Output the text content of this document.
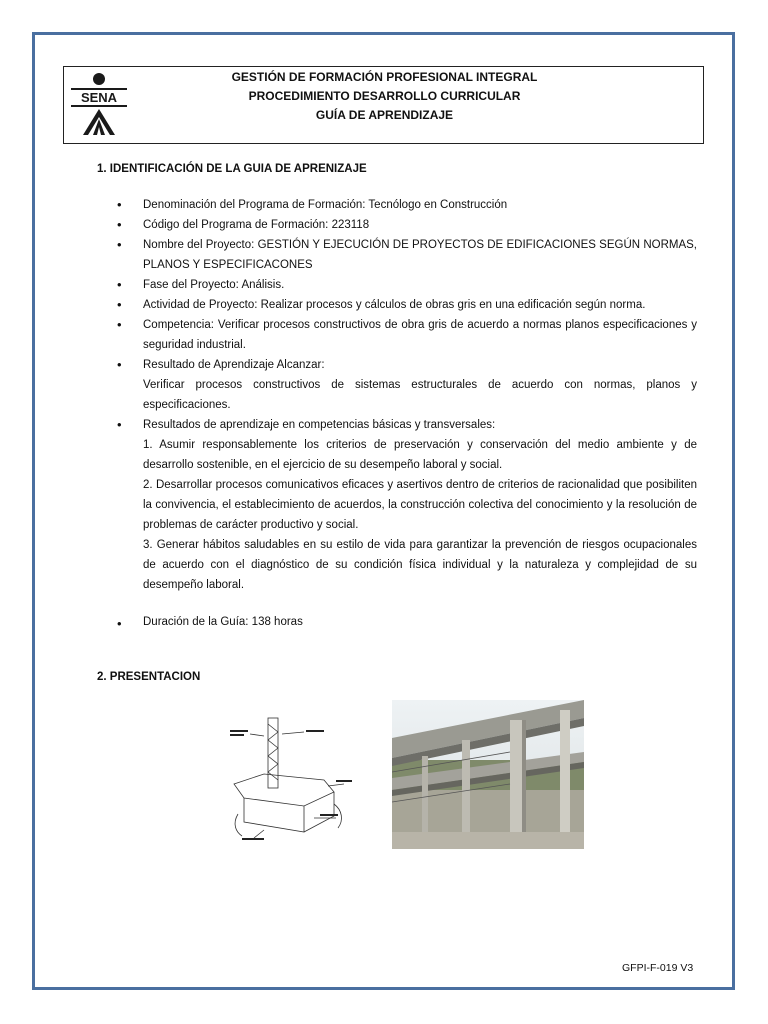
SENA
GESTIÓN DE FORMACIÓN PROFESIONAL INTEGRAL
PROCEDIMIENTO DESARROLLO CURRICULAR
GUÍA DE APRENDIZAJE
1. IDENTIFICACIÓN DE LA GUIA DE APRENIZAJE
• Denominación del Programa de Formación: Tecnólogo en Construcción
• Código del Programa de Formación: 223118
• Nombre del Proyecto: GESTIÓN Y EJECUCIÓN DE PROYECTOS DE EDIFICACIONES SEGÚN NORMAS, PLANOS Y ESPECIFICACONES
• Fase del Proyecto: Análisis.
• Actividad de Proyecto: Realizar procesos y cálculos de obras gris en una edificación según norma.
• Competencia: Verificar procesos constructivos de obra gris de acuerdo a normas planos especificaciones y seguridad industrial.
• Resultado de Aprendizaje Alcanzar:
Verificar procesos constructivos de sistemas estructurales de acuerdo con normas, planos y especificaciones.
• Resultados de aprendizaje en competencias básicas y transversales:
1. Asumir responsablemente los criterios de preservación y conservación del medio ambiente y de desarrollo sostenible, en el ejercicio de su desempeño laboral y social.
2. Desarrollar procesos comunicativos eficaces y asertivos dentro de criterios de racionalidad que posibiliten la convivencia, el establecimiento de acuerdos, la construcción colectiva del conocimiento y la resolución de problemas de carácter productivo y social.
3. Generar hábitos saludables en su estilo de vida para garantizar la prevención de riesgos ocupacionales de acuerdo con el diagnóstico de su condición física individual y la naturaleza y complejidad de su desempeño laboral.
• Duración de la Guía: 138 horas
2. PRESENTACION
GFPI-F-019 V3
